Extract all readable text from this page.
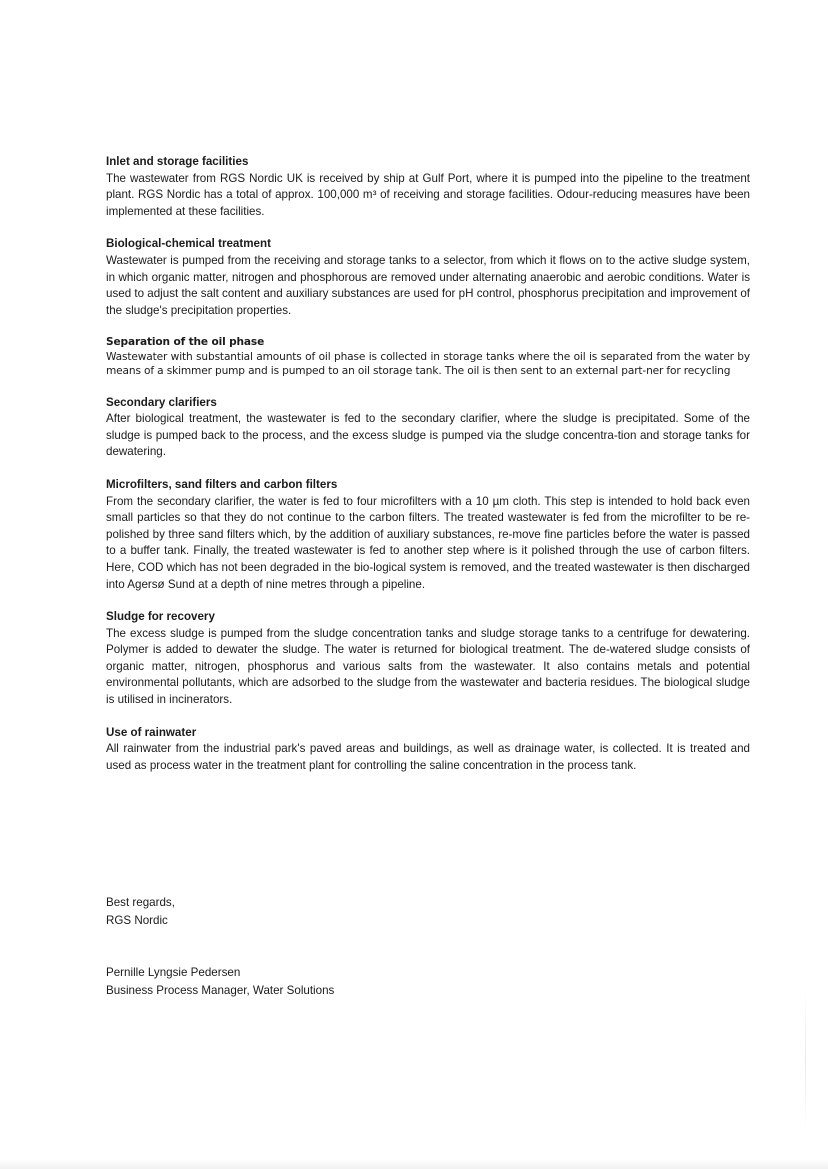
Inlet and storage facilities

The wastewater from RGS Nordic UK is received by ship at Gulf Port, where it is pumped into the pipeline to the treatment plant. RGS Nordic has a total of approx. 100,000 m³ of receiving and storage facilities. Odour-reducing measures have been implemented at these facilities.

Biological-chemical treatment

Wastewater is pumped from the receiving and storage tanks to a selector, from which it flows on to the active sludge system, in which organic matter, nitrogen and phosphorous are removed under alternating anaerobic and aerobic conditions. Water is used to adjust the salt content and auxiliary substances are used for pH control, phosphorus precipitation and improvement of the sludge's precipitation properties.

Separation of the oil phase

Wastewater with substantial amounts of oil phase is collected in storage tanks where the oil is separated from the water by means of a skimmer pump and is pumped to an oil storage tank. The oil is then sent to an external part-ner for recycling

Secondary clarifiers

After biological treatment, the wastewater is fed to the secondary clarifier, where the sludge is precipitated. Some of the sludge is pumped back to the process, and the excess sludge is pumped via the sludge concentra-tion and storage tanks for dewatering.

Microfilters, sand filters and carbon filters

From the secondary clarifier, the water is fed to four microfilters with a 10 µm cloth. This step is intended to hold back even small particles so that they do not continue to the carbon filters. The treated wastewater is fed from the microfilter to be re-polished by three sand filters which, by the addition of auxiliary substances, re-move fine particles before the water is passed to a buffer tank. Finally, the treated wastewater is fed to another step where is it polished through the use of carbon filters. Here, COD which has not been degraded in the bio-logical system is removed, and the treated wastewater is then discharged into Agersø Sund at a depth of nine metres through a pipeline.

Sludge for recovery

The excess sludge is pumped from the sludge concentration tanks and sludge storage tanks to a centrifuge for dewatering. Polymer is added to dewater the sludge. The water is returned for biological treatment. The de-watered sludge consists of organic matter, nitrogen, phosphorus and various salts from the wastewater. It also contains metals and potential environmental pollutants, which are adsorbed to the sludge from the wastewater and bacteria residues. The biological sludge is utilised in incinerators.

Use of rainwater

All rainwater from the industrial park's paved areas and buildings, as well as drainage water, is collected. It is treated and used as process water in the treatment plant for controlling the saline concentration in the process tank.

Best regards,
RGS Nordic
Pernille Lyngsie Pedersen
Business Process Manager, Water Solutions
